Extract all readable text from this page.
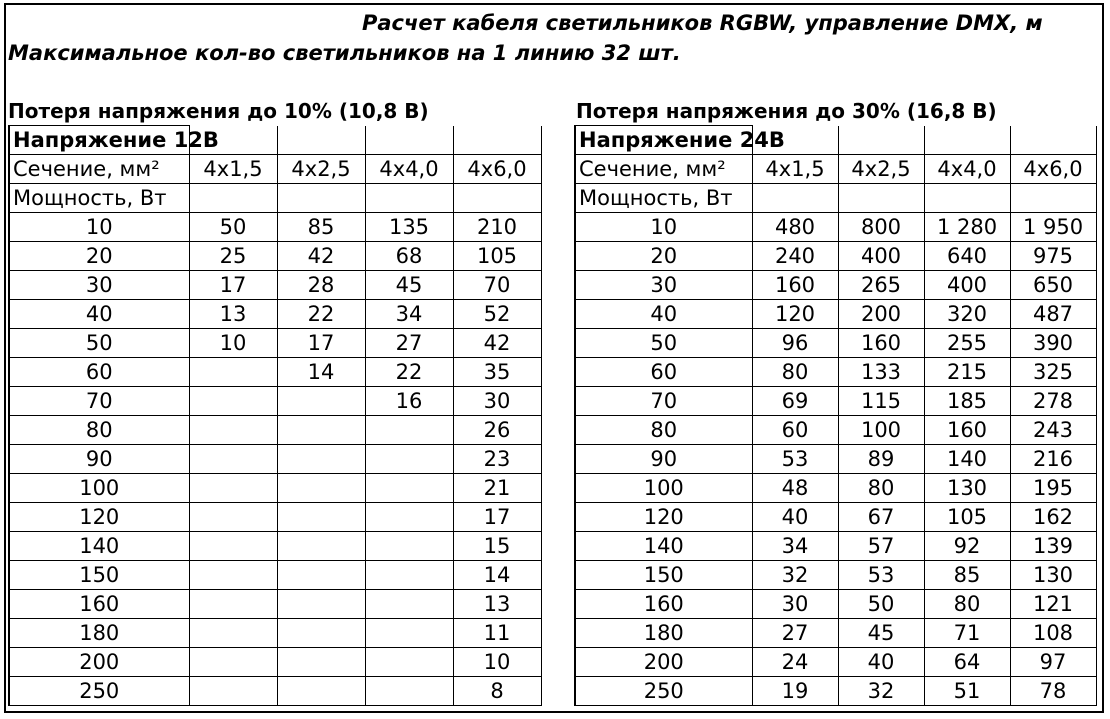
Расчет кабеля светильников RGBW, управление DMX, м
Максимальное кол-во светильников на 1 линию 32 шт.
Потеря напряжения до 10% (10,8 В)	Потеря напряжения до 30% (16,8 В)
Напряжение 12В				
Сечение, мм²	4х1,5	4х2,5	4х4,0	4х6,0
Мощность, Вт				
10	50	85	135	210
20	25	42	68	105
30	17	28	45	70
40	13	22	34	52
50	10	17	27	42
60		14	22	35
70			16	30
80				26
90				23
100				21
120				17
140				15
150				14
160				13
180				11
200				10
250				8
Напряжение 24В				
Сечение, мм²	4х1,5	4х2,5	4х4,0	4х6,0
Мощность, Вт				
10	480	800	1 280	1 950
20	240	400	640	975
30	160	265	400	650
40	120	200	320	487
50	96	160	255	390
60	80	133	215	325
70	69	115	185	278
80	60	100	160	243
90	53	89	140	216
100	48	80	130	195
120	40	67	105	162
140	34	57	92	139
150	32	53	85	130
160	30	50	80	121
180	27	45	71	108
200	24	40	64	97
250	19	32	51	78
